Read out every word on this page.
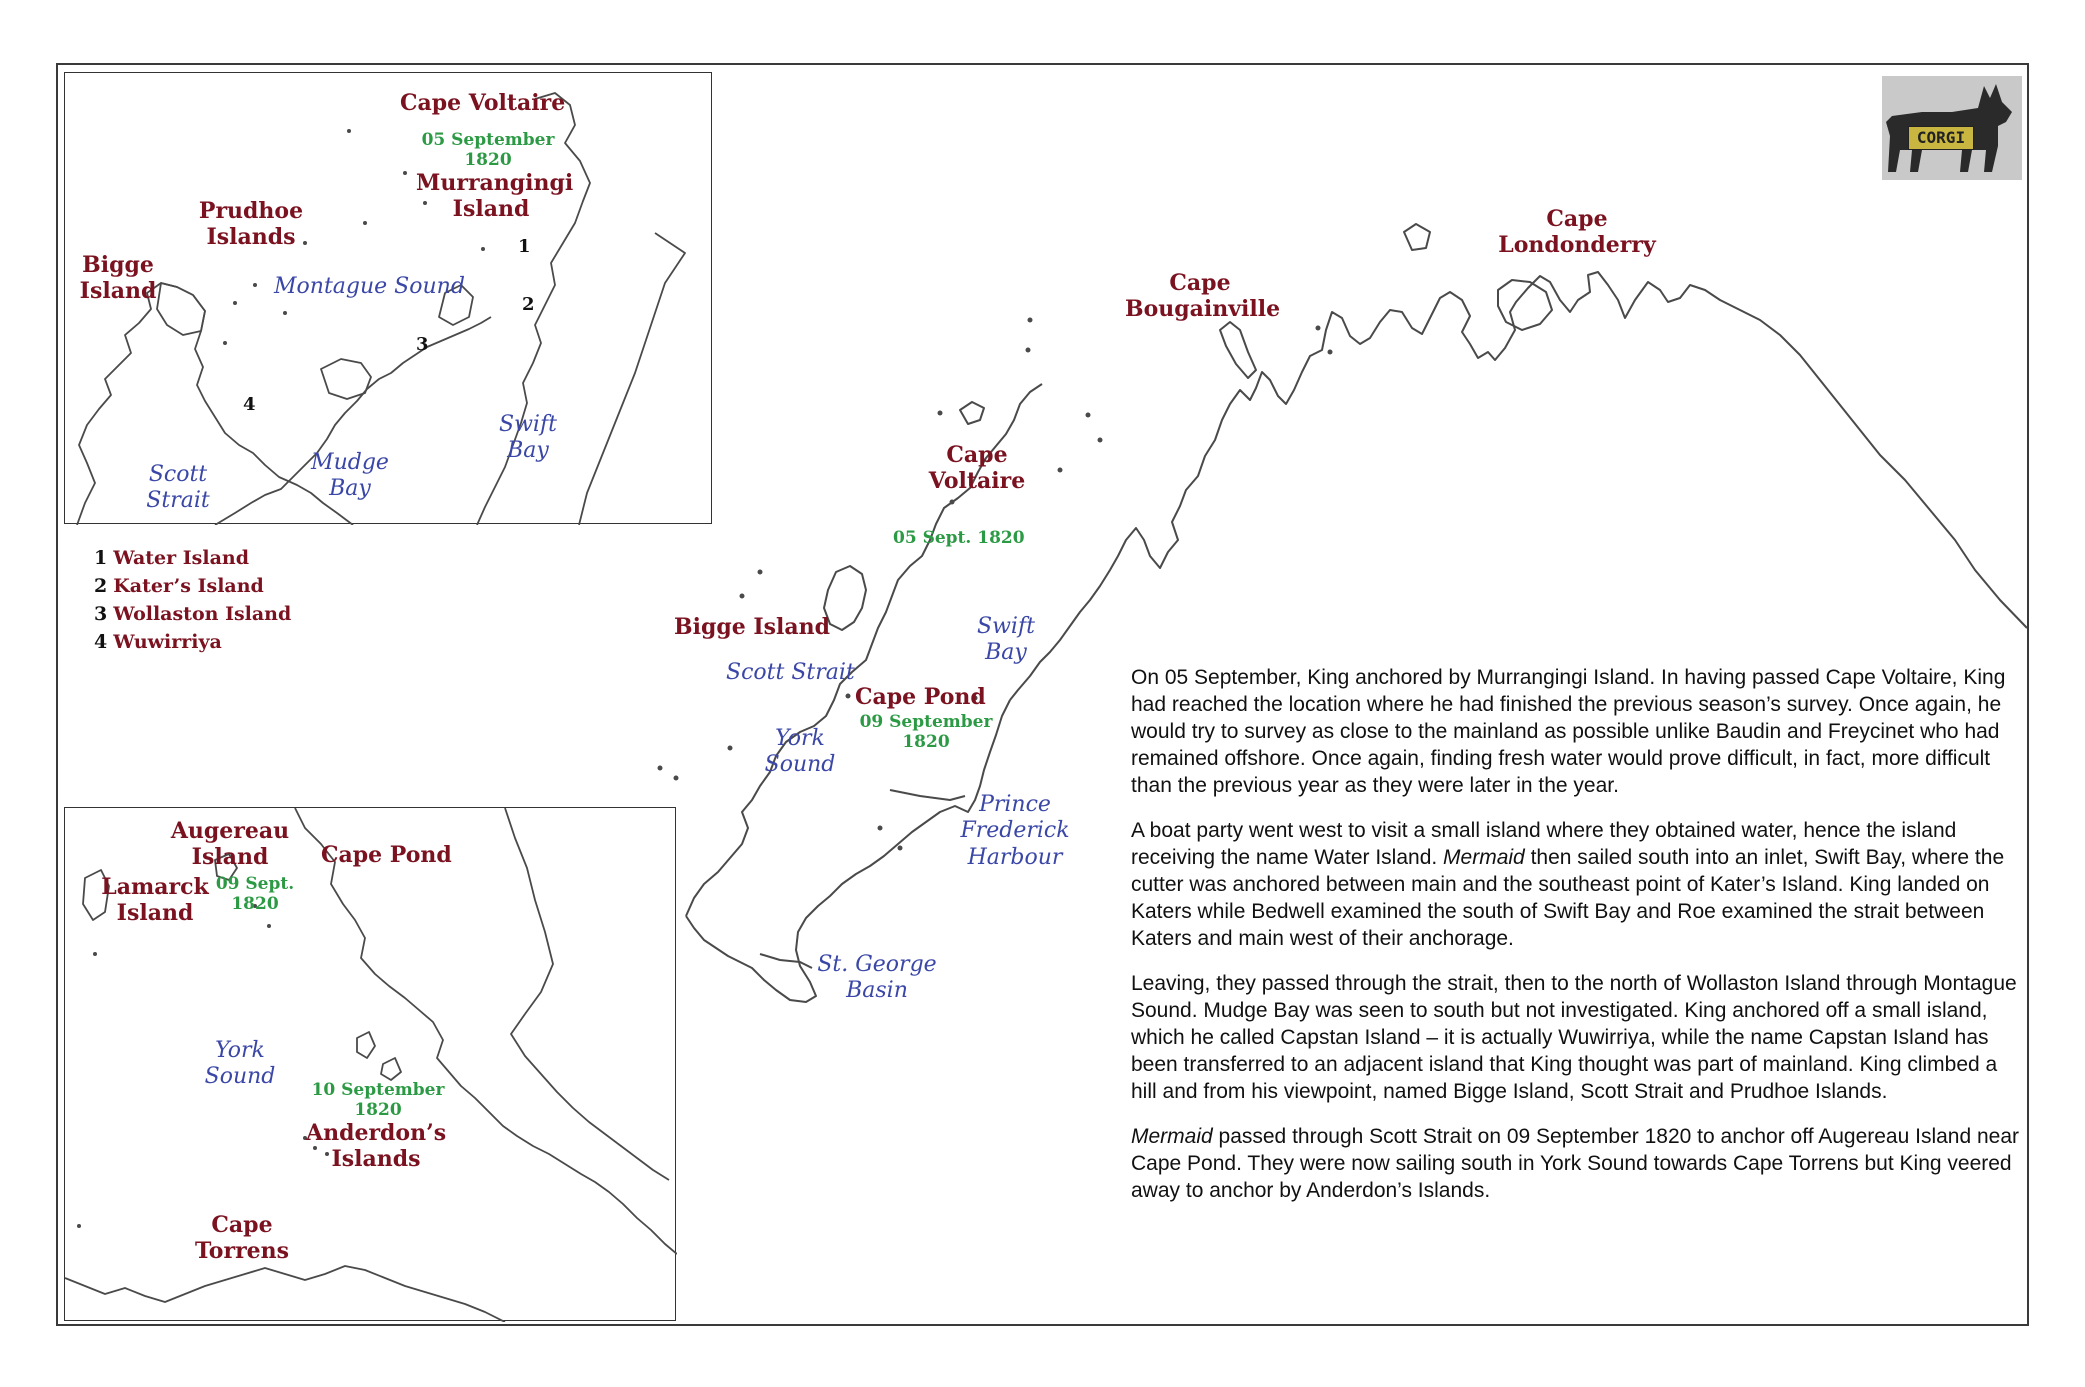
Cape
Londonderry
Cape
Bougainville
Cape
Voltaire
05 Sept. 1820
Bigge Island	Swift
Bay
Scott Strait
Cape Pond
09 September
1820
York
Sound
Prince
Frederick
Harbour
St. George
Basin
Cape Voltaire
05 September
1820
Murrangingi
Island
Prudhoe
Islands
Bigge
Island	Montague Sound
Swift
Bay
Mudge
Bay
Scott
Strait
1
2
3
4
1 Water Island
2 Kater’s Island
3 Wollaston Island
4 Wuwirriya
Augereau
Island	Cape Pond
Lamarck
Island
09 Sept.
1820
York
Sound
10 September
1820
Anderdon’s
Islands
Cape
Torrens
CORGI

On 05 September, King anchored by Murrangingi Island. In having passed Cape Voltaire, King had reached the location where he had finished the previous season’s survey. Once again, he would try to survey as close to the mainland as possible unlike Baudin and Freycinet who had remained offshore. Once again, finding fresh water would prove difficult, in fact, more difficult than the previous year as they were later in the year.

A boat party went west to visit a small island where they obtained water, hence the island receiving the name Water Island. Mermaid then sailed south into an inlet, Swift Bay, where the cutter was anchored between main and the southeast point of Kater’s Island. King landed on Katers while Bedwell examined the south of Swift Bay and Roe examined the strait between Katers and main west of their anchorage.

Leaving, they passed through the strait, then to the north of Wollaston Island through Montague Sound. Mudge Bay was seen to south but not investigated. King anchored off a small island, which he called Capstan Island – it is actually Wuwirriya, while the name Capstan Island has been transferred to an adjacent island that King thought was part of mainland. King climbed a hill and from his viewpoint, named Bigge Island, Scott Strait and Prudhoe Islands.

Mermaid passed through Scott Strait on 09 September 1820 to anchor off Augereau Island near Cape Pond. They were now sailing south in York Sound towards Cape Torrens but King veered away to anchor by Anderdon’s Islands.
